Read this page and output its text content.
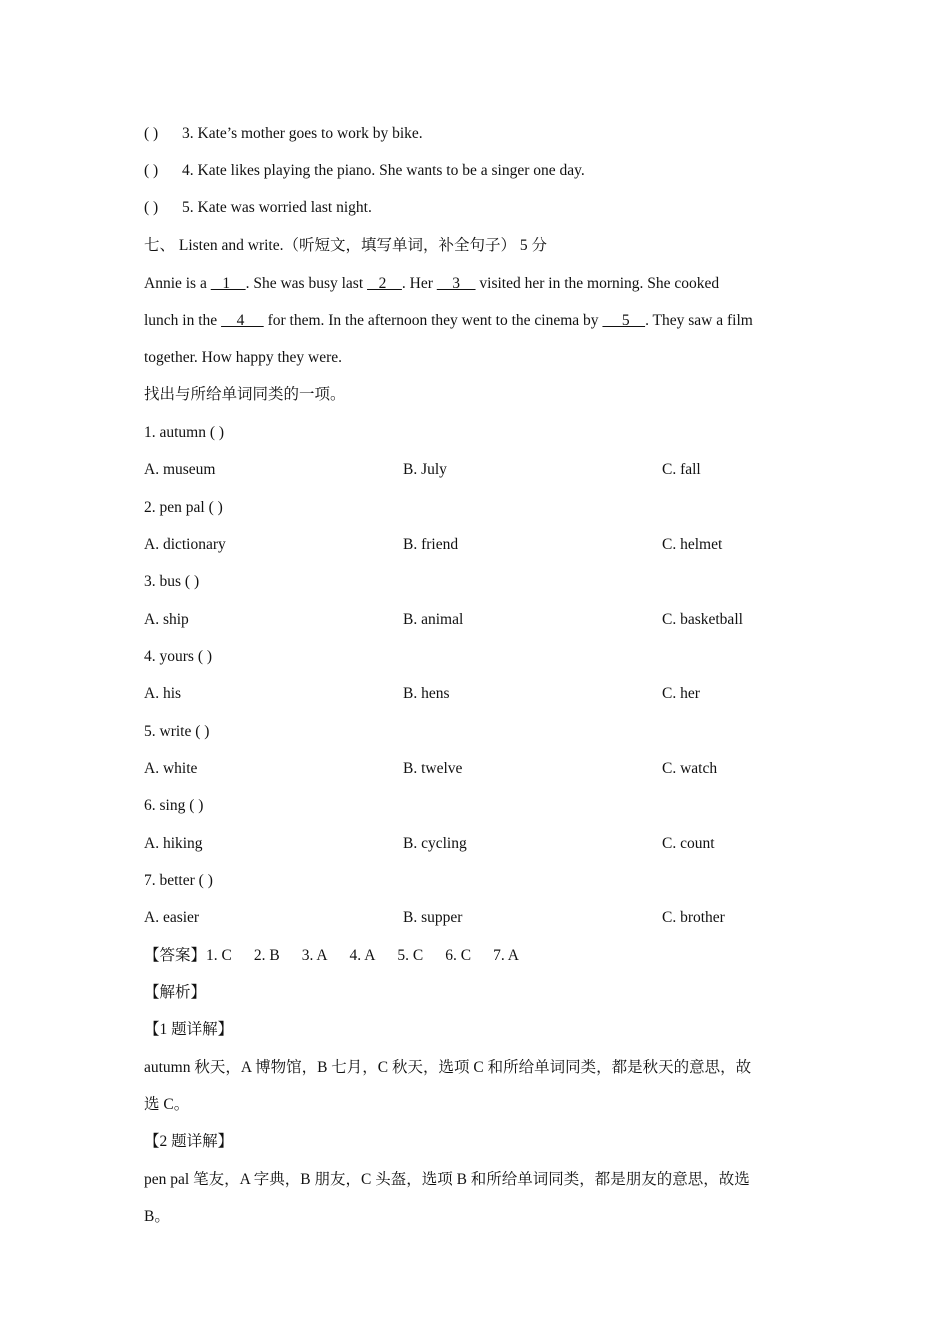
( ) 3. Kate’s mother goes to work by bike.
( ) 4. Kate likes playing the piano. She wants to be a singer one day.
( ) 5. Kate was worried last night.
七、 Listen and write.（听短文，填写单词，补全句子） 5 分
Annie is a    1    . She was busy last    2    . Her     3     visited her in the morning. She cooked
lunch in the     4      for them. In the afternoon they went to the cinema by      5    . They saw a film
together. How happy they were.
找出与所给单词同类的一项。
1. autumn ( )
A. museum	B. July	C. fall
2. pen pal ( )
A. dictionary	B. friend	C. helmet
3. bus ( )
A. ship	B. animal	C. basketball
4. yours ( )
A. his	B. hens	C. her
5. write ( )
A. white	B. twelve	C. watch
6. sing ( )
A. hiking	B. cycling	C. count
7. better ( )
A. easier	B. supper	C. brother
【答案】1. C 2. B 3. A 4. A 5. C 6. C 7. A
【解析】
【1 题详解】
autumn 秋天，A 博物馆，B 七月，C 秋天，选项 C 和所给单词同类，都是秋天的意思，故
选 C。
【2 题详解】
pen pal 笔友，A 字典，B 朋友，C 头盔，选项 B 和所给单词同类，都是朋友的意思，故选
B。
